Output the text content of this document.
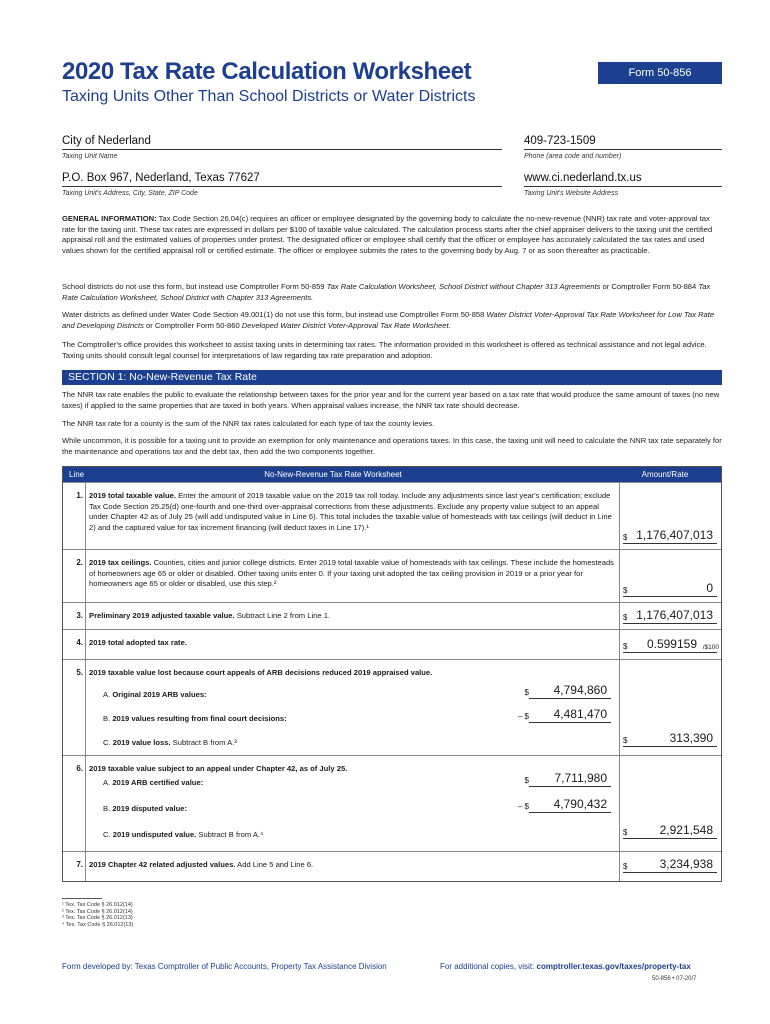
2020 Tax Rate Calculation Worksheet
Taxing Units Other Than School Districts or Water Districts
Form 50-856
City of Nederland
Taxing Unit Name
409-723-1509
Phone (area code and number)
P.O. Box 967, Nederland, Texas 77627
Taxing Unit's Address, City, State, ZIP Code
www.ci.nederland.tx.us
Taxing Unit's Website Address
GENERAL INFORMATION: Tax Code Section 26.04(c) requires an officer or employee designated by the governing body to calculate the no-new-revenue (NNR) tax rate and voter-approval tax rate for the taxing unit. These tax rates are expressed in dollars per $100 of taxable value calculated. The calculation process starts after the chief appraiser delivers to the taxing unit the certified appraisal roll and the estimated values of properties under protest. The designated officer or employee shall certify that the officer or employee has accurately calculated the tax rates and used values shown for the certified appraisal roll or certified estimate. The officer or employee submits the rates to the governing body by Aug. 7 or as soon thereafter as practicable.
School districts do not use this form, but instead use Comptroller Form 50-859 Tax Rate Calculation Worksheet, School District without Chapter 313 Agreements or Comptroller Form 50-884 Tax Rate Calculation Worksheet, School District with Chapter 313 Agreements.
Water districts as defined under Water Code Section 49.001(1) do not use this form, but instead use Comptroller Form 50-858 Water District Voter-Approval Tax Rate Worksheet for Low Tax Rate and Developing Districts or Comptroller Form 50-860 Developed Water District Voter-Approval Tax Rate Worksheet.
The Comptroller's office provides this worksheet to assist taxing units in determining tax rates. The information provided in this worksheet is offered as technical assistance and not legal advice. Taxing units should consult legal counsel for interpretations of law regarding tax rate preparation and adoption.
SECTION 1: No-New-Revenue Tax Rate
The NNR tax rate enables the public to evaluate the relationship between taxes for the prior year and for the current year based on a tax rate that would produce the same amount of taxes (no new taxes) if applied to the same properties that are taxed in both years. When appraisal values increase, the NNR tax rate should decrease.
The NNR tax rate for a county is the sum of the NNR tax rates calculated for each type of tax the county levies.
While uncommon, it is possible for a taxing unit to provide an exemption for only maintenance and operations taxes. In this case, the taxing unit will need to calculate the NNR tax rate separately for the maintenance and operations tax and the debt tax, then add the two components together.
Line	No-New-Revenue Tax Rate Worksheet	Amount/Rate
1. 2019 total taxable value. Enter the amount of 2019 taxable value on the 2019 tax roll today. Include any adjustments since last year's certification; exclude Tax Code Section 25.25(d) one-fourth and one-third over-appraisal corrections from these adjustments. Exclude any property value subject to an appeal under Chapter 42 as of July 25 (will add undisputed value in Line 6). This total includes the taxable value of homesteads with tax ceilings (will deduct in Line 2) and the captured value for tax increment financing (will deduct taxes in Line 17).¹
$ 1,176,407,013
2. 2019 tax ceilings. Counties, cities and junior college districts. Enter 2019 total taxable value of homesteads with tax ceilings. These include the homesteads of homeowners age 65 or older or disabled. Other taxing units enter 0. If your taxing unit adopted the tax ceiling provision in 2019 or a prior year for homeowners age 65 or older or disabled, use this step.²
$	0
3. Preliminary 2019 adjusted taxable value. Subtract Line 2 from Line 1.	$ 1,176,407,013
4. 2019 total adopted tax rate.	$ 0.599159 /$100
5. 2019 taxable value lost because court appeals of ARB decisions reduced 2019 appraised value.
A. Original 2019 ARB values:	$ 4,794,860
B. 2019 values resulting from final court decisions:	– $ 4,481,470
C. 2019 value loss. Subtract B from A.³	$	313,390
6. 2019 taxable value subject to an appeal under Chapter 42, as of July 25.
A. 2019 ARB certified value:	$ 7,711,980
B. 2019 disputed value:	– $ 4,790,432
C. 2019 undisputed value. Subtract B from A.⁴	$	2,921,548
7. 2019 Chapter 42 related adjusted values. Add Line 5 and Line 6.	$	3,234,938
¹ Tex. Tax Code § 26.012(14)
² Tex. Tax Code § 26.012(14)
³ Tex. Tax Code § 26.012(13)
⁴ Tex. Tax Code § 26.012(13)
Form developed by: Texas Comptroller of Public Accounts, Property Tax Assistance Division	For additional copies, visit: comptroller.texas.gov/taxes/property-tax
50-856 • 07-20/7
